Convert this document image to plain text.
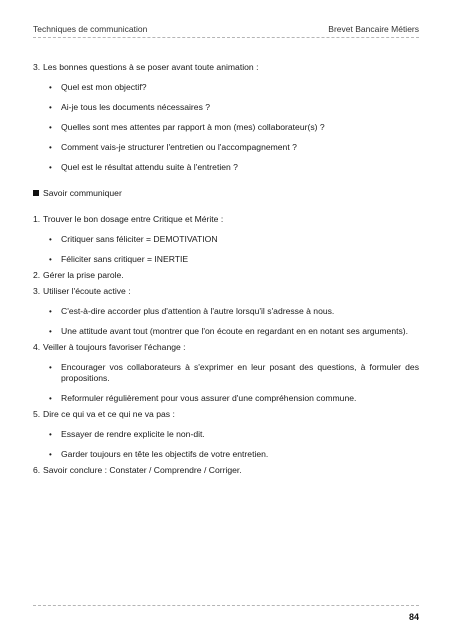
Techniques de communication	Brevet Bancaire Métiers
3. Les bonnes questions à se poser avant toute animation :
• Quel est mon objectif?
• Ai-je tous les documents nécessaires ?
• Quelles sont mes attentes par rapport à mon (mes) collaborateur(s) ?
• Comment vais-je structurer l'entretien ou l'accompagnement ?
• Quel est le résultat attendu suite à l'entretien ?
Savoir communiquer
1. Trouver le bon dosage entre Critique et Mérite :
• Critiquer sans féliciter = DEMOTIVATION
• Féliciter sans critiquer = INERTIE
2. Gérer la prise parole.
3. Utiliser l'écoute active :
• C'est-à-dire accorder plus d'attention à l'autre lorsqu'il s'adresse à nous.
• Une attitude avant tout (montrer que l'on écoute en regardant en en notant ses arguments).
4. Veiller à toujours favoriser l'échange :
• Encourager vos collaborateurs à s'exprimer en leur posant des questions, à formuler des propositions.
• Reformuler régulièrement pour vous assurer d'une compréhension commune.
5. Dire ce qui va et ce qui ne va pas :
• Essayer de rendre explicite le non-dit.
• Garder toujours en tête les objectifs de votre entretien.
6. Savoir conclure : Constater / Comprendre / Corriger.
84
